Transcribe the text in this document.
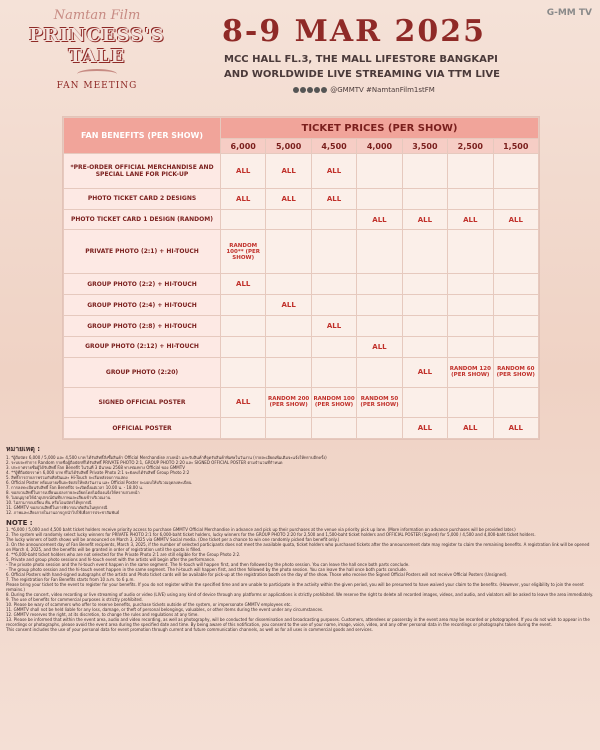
Namtan Film
PRINCESS'S TALE
FAN MEETING
G-MM TV
8-9 MAR 2025
MCC HALL FL.3, THE MALL LIFESTORE BANGKAPI
AND WORLDWIDE LIVE STREAMING VIA TTM LIVE
@GMMTV #NamtanFilm1stFM
FAN BENEFITS (PER SHOW)	TICKET PRICES (PER SHOW)						
	6,000	5,000	4,500	4,000	3,500	2,500	1,500
*PRE-ORDER OFFICIAL MERCHANDISE AND SPECIAL LANE FOR PICK-UP	ALL	ALL	ALL				
PHOTO TICKET CARD 2 DESIGNS	ALL	ALL	ALL				
PHOTO TICKET CARD 1 DESIGN (RANDOM)				ALL	ALL	ALL	ALL
PRIVATE PHOTO (2:1) + HI-TOUCH	RANDOM 100** (PER SHOW)						
GROUP PHOTO (2:2) + HI-TOUCH	ALL						
GROUP PHOTO (2:4) + HI-TOUCH		ALL					
GROUP PHOTO (2:8) + HI-TOUCH			ALL				
GROUP PHOTO (2:12) + HI-TOUCH				ALL			
GROUP PHOTO (2:20)					ALL	RANDOM 120 (PER SHOW)	RANDOM 60 (PER SHOW)
SIGNED OFFICIAL POSTER	ALL	RANDOM 200 (PER SHOW)	RANDOM 100 (PER SHOW)	RANDOM 50 (PER SHOW)			
OFFICIAL POSTER					ALL	ALL	ALL
หมายเหตุ :

1. *ผู้ถือบัตร 6,000 / 5,000 และ 4,500 บาท ได้รับสิทธิ์สั่งซื้อสินค้า Official Merchandise ล่วงหน้า และรับสินค้าที่จุดรับสินค้าพิเศษในวันงาน (รายละเอียดเพิ่มเติมจะแจ้งให้ทราบอีกครั้ง)

2. ระบบจะทำการ Random รายชื่อผู้ถือบัตรที่ได้รับสิทธิ์ PRIVATE PHOTO 2:1, GROUP PHOTO 2:20 และ SIGNED OFFICIAL POSTER ตามจำนวนที่กำหนด

3. ประกาศรายชื่อผู้ได้รับสิทธิ์ Fan Benefit ในวันที่ 3 มีนาคม 2568 ทางช่องทาง Official ของ GMMTV

4. **ผู้ที่ถือบัตรราคา 6,000 บาท ที่ไม่ได้รับสิทธิ์ Private Photo 2:1 จะยังคงได้รับสิทธิ์ Group Photo 2:2

5. สิทธิ์การถ่ายภาพร่วมกับศิลปินและ Hi-Touch จะเริ่มหลังจบการแสดง

6. Official Poster พร้อมลายเซ็นจะจัดส่งให้หลังวันงาน และ Official Poster จะมอบให้บริเวณจุดลงทะเบียน

7. การลงทะเบียนรับสิทธิ์ Fan Benefits จะเปิดตั้งแต่เวลา 10.00 น. - 18.00 น.

8. ขอสงวนสิทธิ์ในการเปลี่ยนแปลงรายละเอียดโดยไม่ต้องแจ้งให้ทราบล่วงหน้า

9. ไม่อนุญาตให้นำอุปกรณ์บันทึกภาพและเสียงเข้าบริเวณงาน

10. ไม่สามารถเปลี่ยน คืน หรือโอนบัตรได้ทุกกรณี

11. GMMTV ขอสงวนสิทธิ์ในการพิจารณาตัดสินในทุกกรณี

12. ภาพและเสียงภายในงานอาจถูกนำไปใช้เพื่อการประชาสัมพันธ์

NOTE :

1. *6,000 / 5,000 and 4,500 baht ticket holders receive priority access to purchase GMMTV Official Merchandise in advance and pick up their purchases at the venue via priority pick up lane. (More information on advance purchases will be provided later.)

2. The system will randomly select lucky winners for PRIVATE PHOTO 2:1 for 6,000-baht ticket holders, lucky winners for the GROUP PHOTO 2:20 for 2,500 and 1,500-baht ticket holders and OFFICIAL POSTER (Signed) for 5,000 / 4,500 and 4,000-baht ticket holders.

The lucky winners of both shows will be announced on March 3, 2025 via GMMTV Social media. (One ticket per a chance to win one randomly picked fan benefit only.)

3. On the announcement day of Fan Benefit recipients, March 3, 2025, if the number of selected participants does not meet the available quota, ticket holders who purchased tickets after the announcement date may register to claim the remaining benefits. A registration link will be opened on March 4, 2025, and the benefits will be granted in order of registration until the quota is filled.

4. **6,000-baht ticket holders who are not selected for the Private Photo 2:1 are still eligible for the Group Photo 2:2.

5. Private and group photo sessions and hi-touch event with the artists will begin after the performance.

- The private photo session and the hi-touch event happen in the same segment. The hi-touch will happen first, and then followed by the photo session. You can leave the hall once both parts conclude.

- The group photo session and the hi-touch event happen in the same segment. The hi-touch will happen first, and then followed by the photo session. You can leave the hall once both parts conclude.

6. Official Posters with hand-signed autographs of the artists and Photo ticket cards will be available for pick-up at the registration booth on the day of the show. Those who receive the Signed Official Posters will not receive Official Posters (Unsigned).

7. The registration for Fan Benefits starts from 10 a.m. to 6 p.m.

Please bring your ticket to the event to register for your benefits. If you do not register within the specified time and are unable to participate in the activity within the given period, you will be presumed to have waived your claim to the benefits. (However, your eligibility to join the event remains.)

8. During the concert, video recording or live streaming of audio or video (LIVE) using any kind of device through any platforms or applications is strictly prohibited. We reserve the right to delete all recorded images, videos, and audio, and violators will be asked to leave the area immediately.

9. The use of benefits for commercial purposes is strictly prohibited.

10. Please be wary of scammers who offer to reserve benefits, purchase tickets outside of the system, or impersonate GMMTV employees etc.

11. GMMTV shall not be held liable for any loss, damage, or theft of personal belongings, valuables, or other items during the event under any circumstances.

12. GMMTV reserves the right, at its discretion, to change the rules and regulations at any time.

13. Please be informed that within the event area, audio and video recording, as well as photography, will be conducted for dissemination and broadcasting purposes. Customers, attendees or passersby in the event area may be recorded or photographed. If you do not wish to appear in the recordings or photographs, please avoid the event area during the specified date and time. By being aware of this notification, you consent to the use of your name, image, voice, video, and any other personal data in the recordings or photographs taken during the event.

This consent includes the use of your personal data for event promotion through current and future communication channels, as well as for all uses in commercial goods and services.
